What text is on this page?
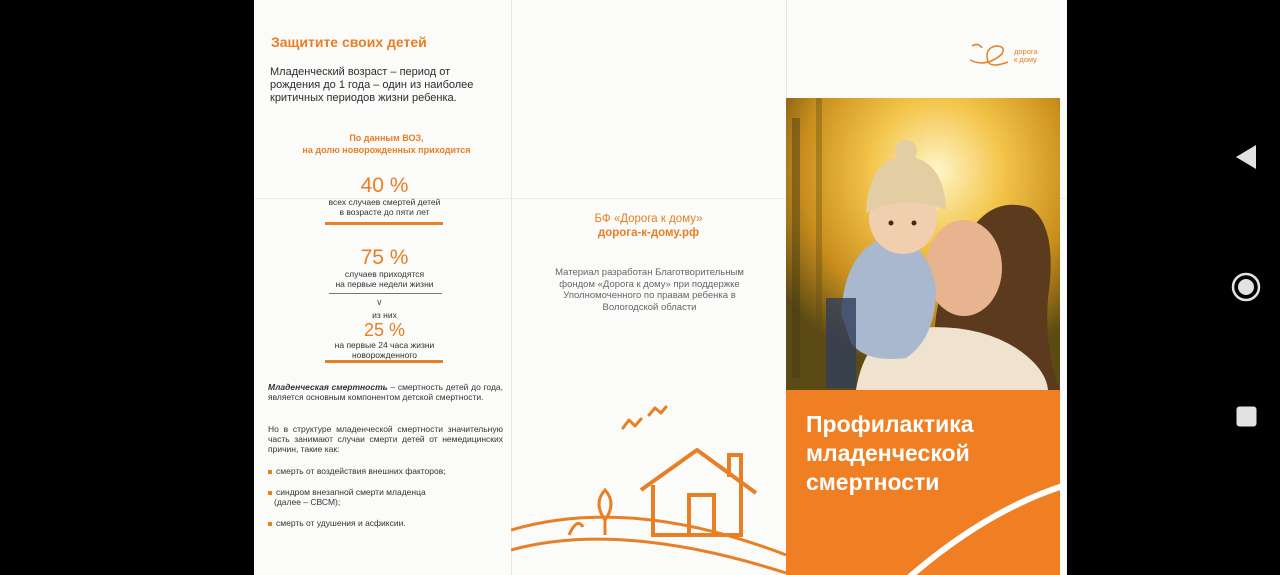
Защитите своих детей
Младенческий возраст – период от рождения до 1 года – один из наиболее критичных периодов жизни ребенка.
По данным ВОЗ,
на долю новорожденных приходится
40 %
всех случаев смертей детей
в возрасте до пяти лет
75 %
случаев приходятся
на первые недели жизни
∨
из них
25 %
на первые 24 часа жизни
новорожденного
Младенческая смертность – смертность детей до года, является основным компонентом детской смертности.
Но в структуре младенческой смертности значительную часть занимают случаи смерти детей от немедицинских причин, такие как:
смерть от воздействия внешних факторов;
синдром внезапной смерти младенца
(далее – СВСМ);
смерть от удушения и асфиксии.
БФ «Дорога к дому»
дорога-к-дому.рф
Материал разработан Благотворительным фондом «Дорога к дому» при поддержке Уполномоченного по правам ребенка в Вологодской области
дорога
к дому
Профилактика
младенческой
смертности
